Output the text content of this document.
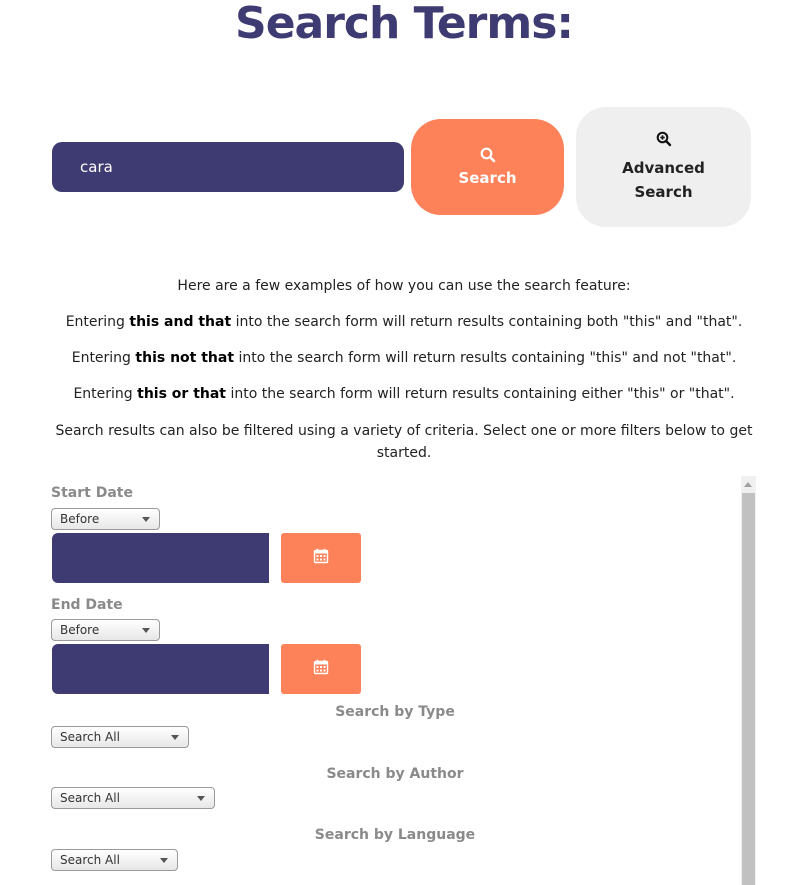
Search Terms:
cara
Search
Advanced
Search

Here are a few examples of how you can use the search feature:

Entering this and that into the search form will return results containing both "this" and "that".

Entering this not that into the search form will return results containing "this" and not "that".

Entering this or that into the search form will return results containing either "this" or "that".

Search results can also be filtered using a variety of criteria. Select one or more filters below to get started.

Start Date
Before
End Date
Before
Search by Type
Search All
Search by Author
Search All
Search by Language
Search All
